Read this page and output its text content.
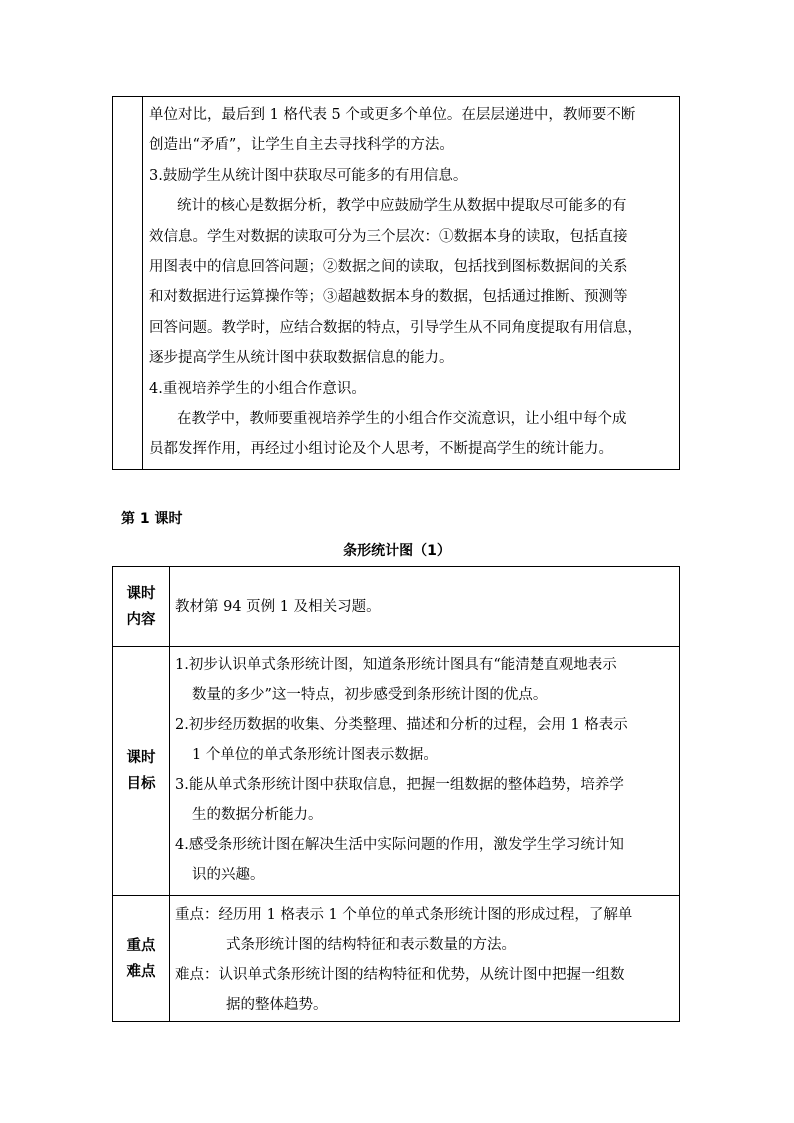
单位对比，最后到 1 格代表 5 个或更多个单位。在层层递进中，教师要不断

创造出“矛盾”，让学生自主去寻找科学的方法。

3.鼓励学生从统计图中获取尽可能多的有用信息。

统计的核心是数据分析，教学中应鼓励学生从数据中提取尽可能多的有

效信息。学生对数据的读取可分为三个层次：①数据本身的读取，包括直接

用图表中的信息回答问题；②数据之间的读取，包括找到图标数据间的关系

和对数据进行运算操作等；③超越数据本身的数据，包括通过推断、预测等

回答问题。教学时，应结合数据的特点，引导学生从不同角度提取有用信息，

逐步提高学生从统计图中获取数据信息的能力。

4.重视培养学生的小组合作意识。

在教学中，教师要重视培养学生的小组合作交流意识，让小组中每个成

员都发挥作用，再经过小组讨论及个人思考，不断提高学生的统计能力。

第 1 课时
条形统计图（1）
课时
内容

教材第 94 页例 1 及相关习题。

课时
目标

1.初步认识单式条形统计图，知道条形统计图具有“能清楚直观地表示

数量的多少”这一特点，初步感受到条形统计图的优点。

2.初步经历数据的收集、分类整理、描述和分析的过程，会用 1 格表示

1 个单位的单式条形统计图表示数据。

3.能从单式条形统计图中获取信息，把握一组数据的整体趋势，培养学

生的数据分析能力。

4.感受条形统计图在解决生活中实际问题的作用，激发学生学习统计知

识的兴趣。

重点
难点

重点：经历用 1 格表示 1 个单位的单式条形统计图的形成过程，了解单

式条形统计图的结构特征和表示数量的方法。

难点：认识单式条形统计图的结构特征和优势，从统计图中把握一组数

据的整体趋势。
